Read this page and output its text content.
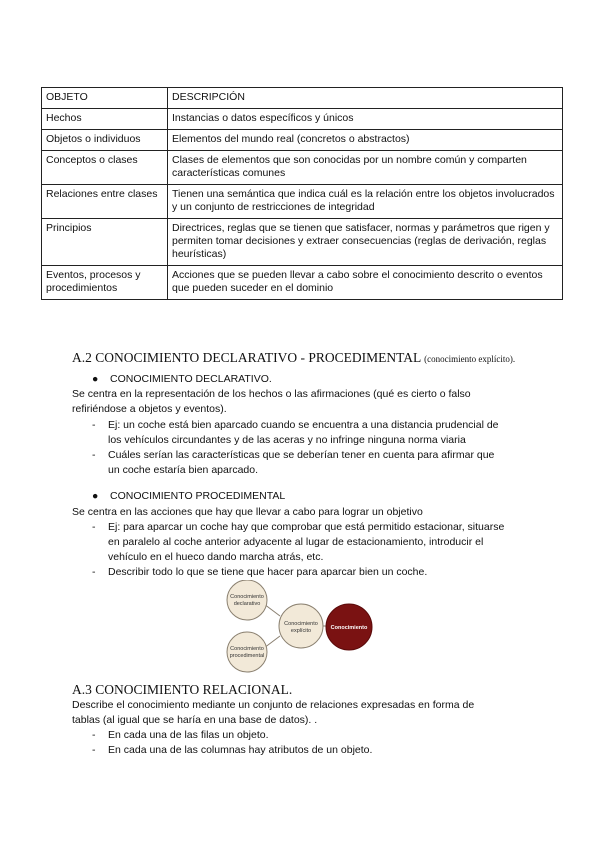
OBJETO	DESCRIPCIÓN
Hechos	Instancias o datos específicos y únicos
Objetos o individuos	Elementos del mundo real (concretos o abstractos)
Conceptos o clases	Clases de elementos que son conocidas por un nombre común y comparten características comunes
Relaciones entre clases	Tienen una semántica que indica cuál es la relación entre los objetos involucrados y un conjunto de restricciones de integridad
Principios	Directrices, reglas que se tienen que satisfacer, normas y parámetros que rigen y permiten tomar decisiones y extraer consecuencias (reglas de derivación, reglas heurísticas)
Eventos, procesos y procedimientos	Acciones que se pueden llevar a cabo sobre el conocimiento descrito o eventos que pueden suceder en el dominio
A.2 CONOCIMIENTO DECLARATIVO - PROCEDIMENTAL (conocimiento explícito).
● CONOCIMIENTO DECLARATIVO.
Se centra en la representación de los hechos o las afirmaciones (qué es cierto o falso
refiriéndose a objetos y eventos).
- Ej: un coche está bien aparcado cuando se encuentra a una distancia prudencial de
los vehículos circundantes y de las aceras y no infringe ninguna norma viaria
- Cuáles serían las características que se deberían tener en cuenta para afirmar que
un coche estaría bien aparcado.
● CONOCIMIENTO PROCEDIMENTAL
Se centra en las acciones que hay que llevar a cabo para lograr un objetivo
- Ej: para aparcar un coche hay que comprobar que está permitido estacionar, situarse
en paralelo al coche anterior adyacente al lugar de estacionamiento, introducir el
vehículo en el hueco dando marcha atrás, etc.
- Describir todo lo que se tiene que hacer para aparcar bien un coche.
Conocimiento
declarativo
Conocimiento
explícito
Conocimiento
procedimental
Conocimiento
A.3 CONOCIMIENTO RELACIONAL.
Describe el conocimiento mediante un conjunto de relaciones expresadas en forma de
tablas (al igual que se haría en una base de datos). .
- En cada una de las filas un objeto.
- En cada una de las columnas hay atributos de un objeto.
